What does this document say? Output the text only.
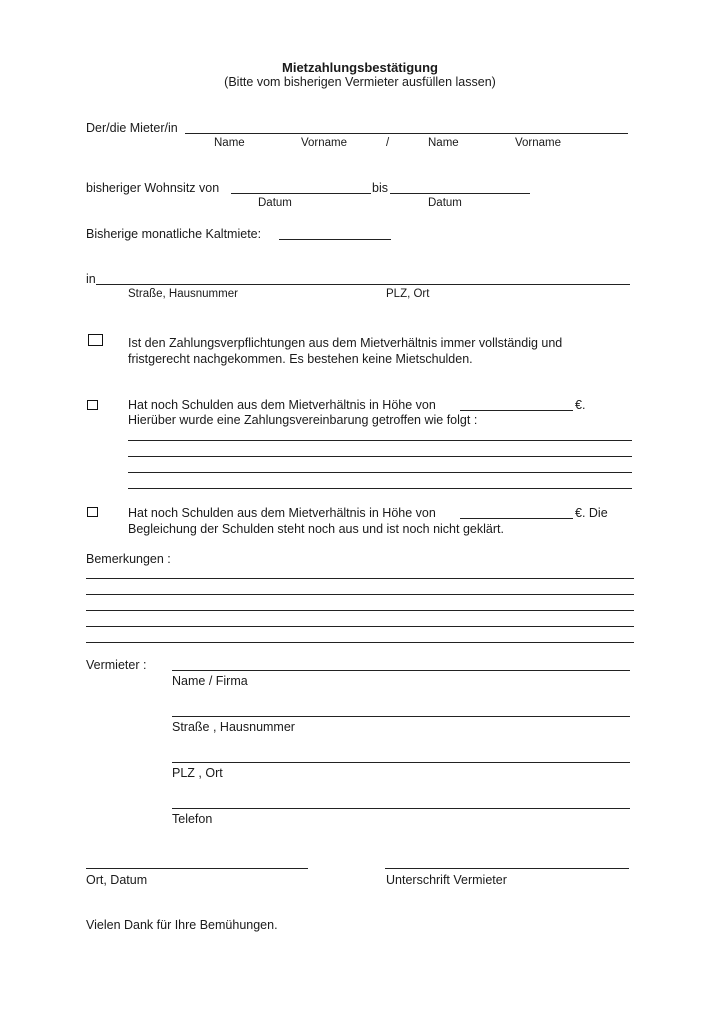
Mietzahlungsbestätigung
(Bitte vom bisherigen Vermieter ausfüllen lassen)
Der/die Mieter/in
Name	Vorname	/	Name	Vorname
bisheriger Wohnsitz von	bis
Datum	Datum
Bisherige monatliche Kaltmiete:
in
Straße, Hausnummer	PLZ, Ort
Ist den Zahlungsverpflichtungen aus dem Mietverhältnis immer vollständig und
fristgerecht nachgekommen. Es bestehen keine Mietschulden.
Hat noch Schulden aus dem Mietverhältnis in Höhe von	€.
Hierüber wurde eine Zahlungsvereinbarung getroffen wie folgt :
Hat noch Schulden aus dem Mietverhältnis in Höhe von	€. Die
Begleichung der Schulden steht noch aus und ist noch nicht geklärt.
Bemerkungen :
Vermieter :
Name / Firma
Straße , Hausnummer
PLZ , Ort
Telefon
Ort, Datum	Unterschrift Vermieter
Vielen Dank für Ihre Bemühungen.
